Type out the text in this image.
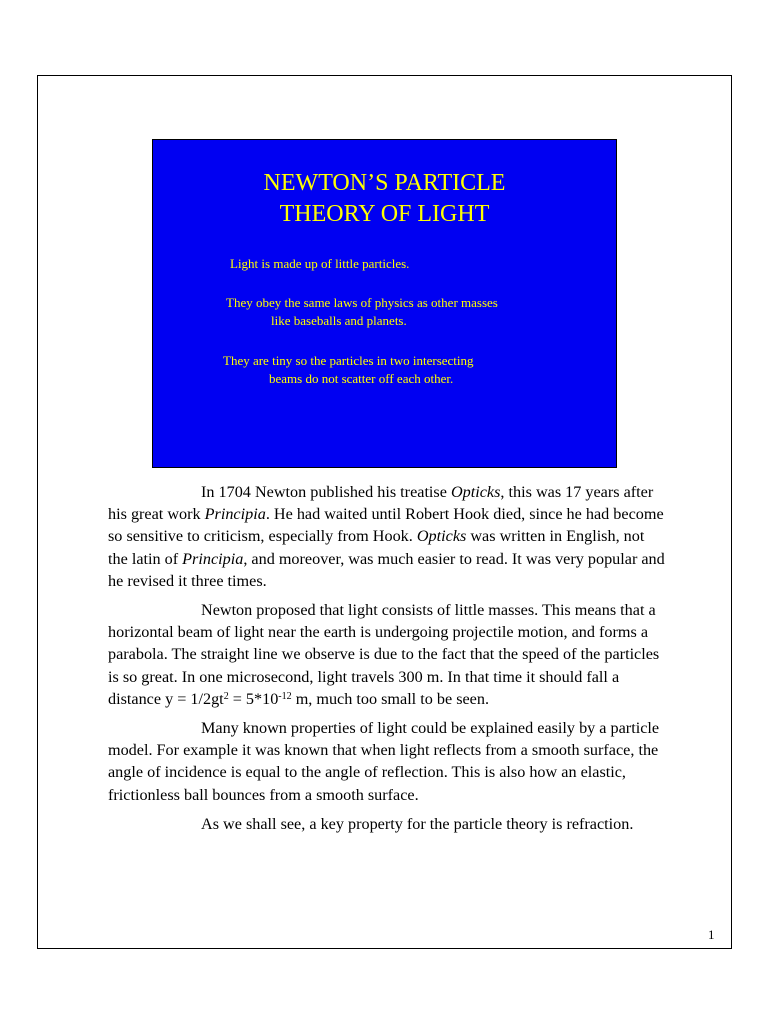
NEWTON’S PARTICLE
THEORY OF LIGHT

Light is made up of little particles.

They obey the same laws of physics as other masses

like baseballs and planets.

They are tiny so the particles in two intersecting

beams do not scatter off each other.

In 1704 Newton published his treatise Opticks, this was 17 years after his great work Principia. He had waited until Robert Hook died, since he had become so sensitive to criticism, especially from Hook. Opticks was written in English, not the latin of Principia, and moreover, was much easier to read. It was very popular and he revised it three times.

Newton proposed that light consists of little masses. This means that a horizontal beam of light near the earth is undergoing projectile motion, and forms a parabola. The straight line we observe is due to the fact that the speed of the particles is so great. In one microsecond, light travels 300 m. In that time it should fall a distance $y = 1/2gt^2 = 5*10^{-12}$ m, much too small to be seen.

Many known properties of light could be explained easily by a particle model. For example it was known that when light reflects from a smooth surface, the angle of incidence is equal to the angle of reflection. This is also how an elastic, frictionless ball bounces from a smooth surface.

As we shall see, a key property for the particle theory is refraction.

1
